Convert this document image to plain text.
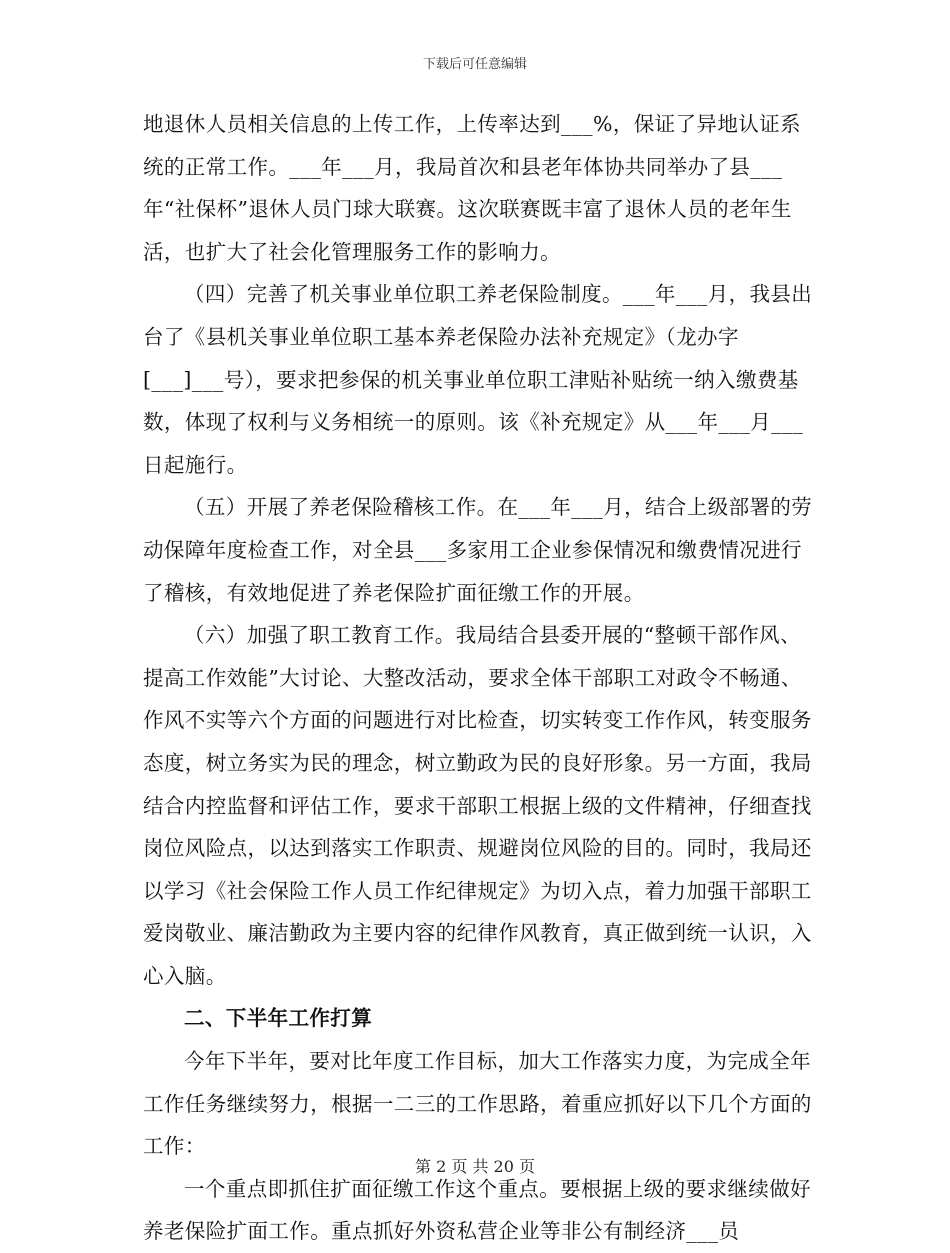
下载后可任意编辑

地退休人员相关信息的上传工作，上传率达到___%，保证了异地认证系统的正常工作。___年___月，我局首次和县老年体协共同举办了县___年“社保杯”退休人员门球大联赛。这次联赛既丰富了退休人员的老年生活，也扩大了社会化管理服务工作的影响力。

（四）完善了机关事业单位职工养老保险制度。___年___月，我县出台了《县机关事业单位职工基本养老保险办法补充规定》（龙办字[___]___号），要求把参保的机关事业单位职工津贴补贴统一纳入缴费基数，体现了权利与义务相统一的原则。该《补充规定》从___年___月___日起施行。

（五）开展了养老保险稽核工作。在___年___月，结合上级部署的劳动保障年度检查工作，对全县___多家用工企业参保情况和缴费情况进行了稽核，有效地促进了养老保险扩面征缴工作的开展。

（六）加强了职工教育工作。我局结合县委开展的“整顿干部作风、提高工作效能”大讨论、大整改活动，要求全体干部职工对政令不畅通、作风不实等六个方面的问题进行对比检查，切实转变工作作风，转变服务态度，树立务实为民的理念，树立勤政为民的良好形象。另一方面，我局结合内控监督和评估工作，要求干部职工根据上级的文件精神，仔细查找岗位风险点，以达到落实工作职责、规避岗位风险的目的。同时，我局还以学习《社会保险工作人员工作纪律规定》为切入点，着力加强干部职工爱岗敬业、廉洁勤政为主要内容的纪律作风教育，真正做到统一认识，入心入脑。

二、下半年工作打算

今年下半年，要对比年度工作目标，加大工作落实力度，为完成全年工作任务继续努力，根据一二三的工作思路，着重应抓好以下几个方面的工作：

一个重点即抓住扩面征缴工作这个重点。要根据上级的要求继续做好养老保险扩面工作。重点抓好外资私营企业等非公有制经济___员

第 2 页 共 20 页
